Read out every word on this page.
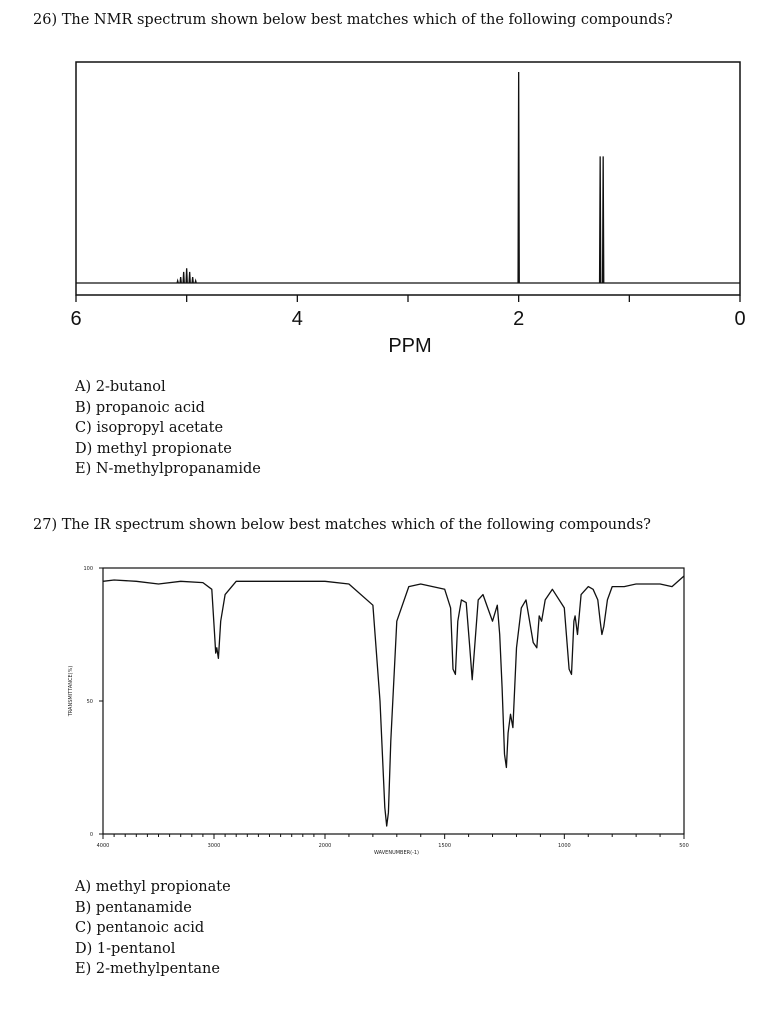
26) The NMR spectrum shown below best matches which of the following compounds?
6	4	2	0
PPM
A) 2-butanol
B) propanoic acid
C) isopropyl acetate
D) methyl propionate
E) N-methylpropanamide
27) The IR spectrum shown below best matches which of the following compounds?
4000	3000	2000	1500	1000	500
0
50
100
WAVENUMBER(-1)
TRANSMITTANCE(%)
A) methyl propionate
B) pentanamide
C) pentanoic acid
D) 1-pentanol
E) 2-methylpentane
